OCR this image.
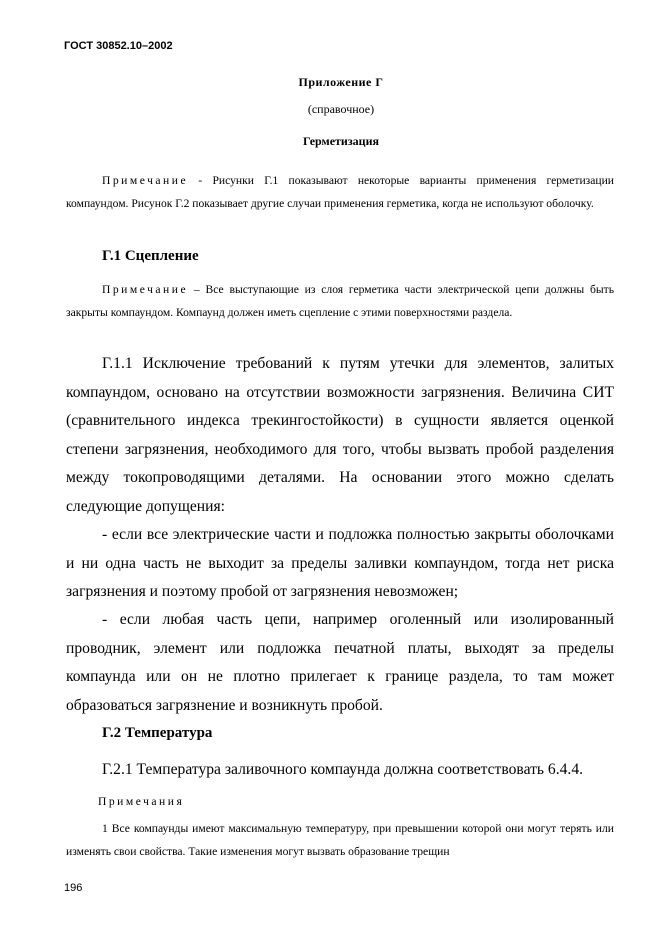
ГОСТ 30852.10–2002
Приложение Г
(справочное)
Герметизация
Примечание - Рисунки Г.1 показывают некоторые варианты применения герметизации компаундом. Рисунок Г.2 показывает другие случаи применения герметика, когда не используют оболочку.
Г.1 Сцепление
Примечание – Все выступающие из слоя герметика части электрической цепи должны быть закрыты компаундом. Компаунд должен иметь сцепление с этими поверхностями раздела.
Г.1.1 Исключение требований к путям утечки для элементов, залитых компаундом, основано на отсутствии возможности загрязнения. Величина СИТ (сравнительного индекса трекингостойкости) в сущности является оценкой степени загрязнения, необходимого для того, чтобы вызвать пробой разделения между токопроводящими деталями. На основании этого можно сделать следующие допущения:
- если все электрические части и подложка полностью закрыты оболочками и ни одна часть не выходит за пределы заливки компаундом, тогда нет риска загрязнения и поэтому пробой от загрязнения невозможен;
- если любая часть цепи, например оголенный или изолированный проводник, элемент или подложка печатной платы, выходят за пределы компаунда или он не плотно прилегает к границе раздела, то там может образоваться загрязнение и возникнуть пробой.
Г.2 Температура
Г.2.1 Температура заливочного компаунда должна соответствовать 6.4.4.
Примечания
1 Все компаунды имеют максимальную температуру, при превышении которой они могут терять или изменять свои свойства. Такие изменения могут вызвать образование трещин
196
